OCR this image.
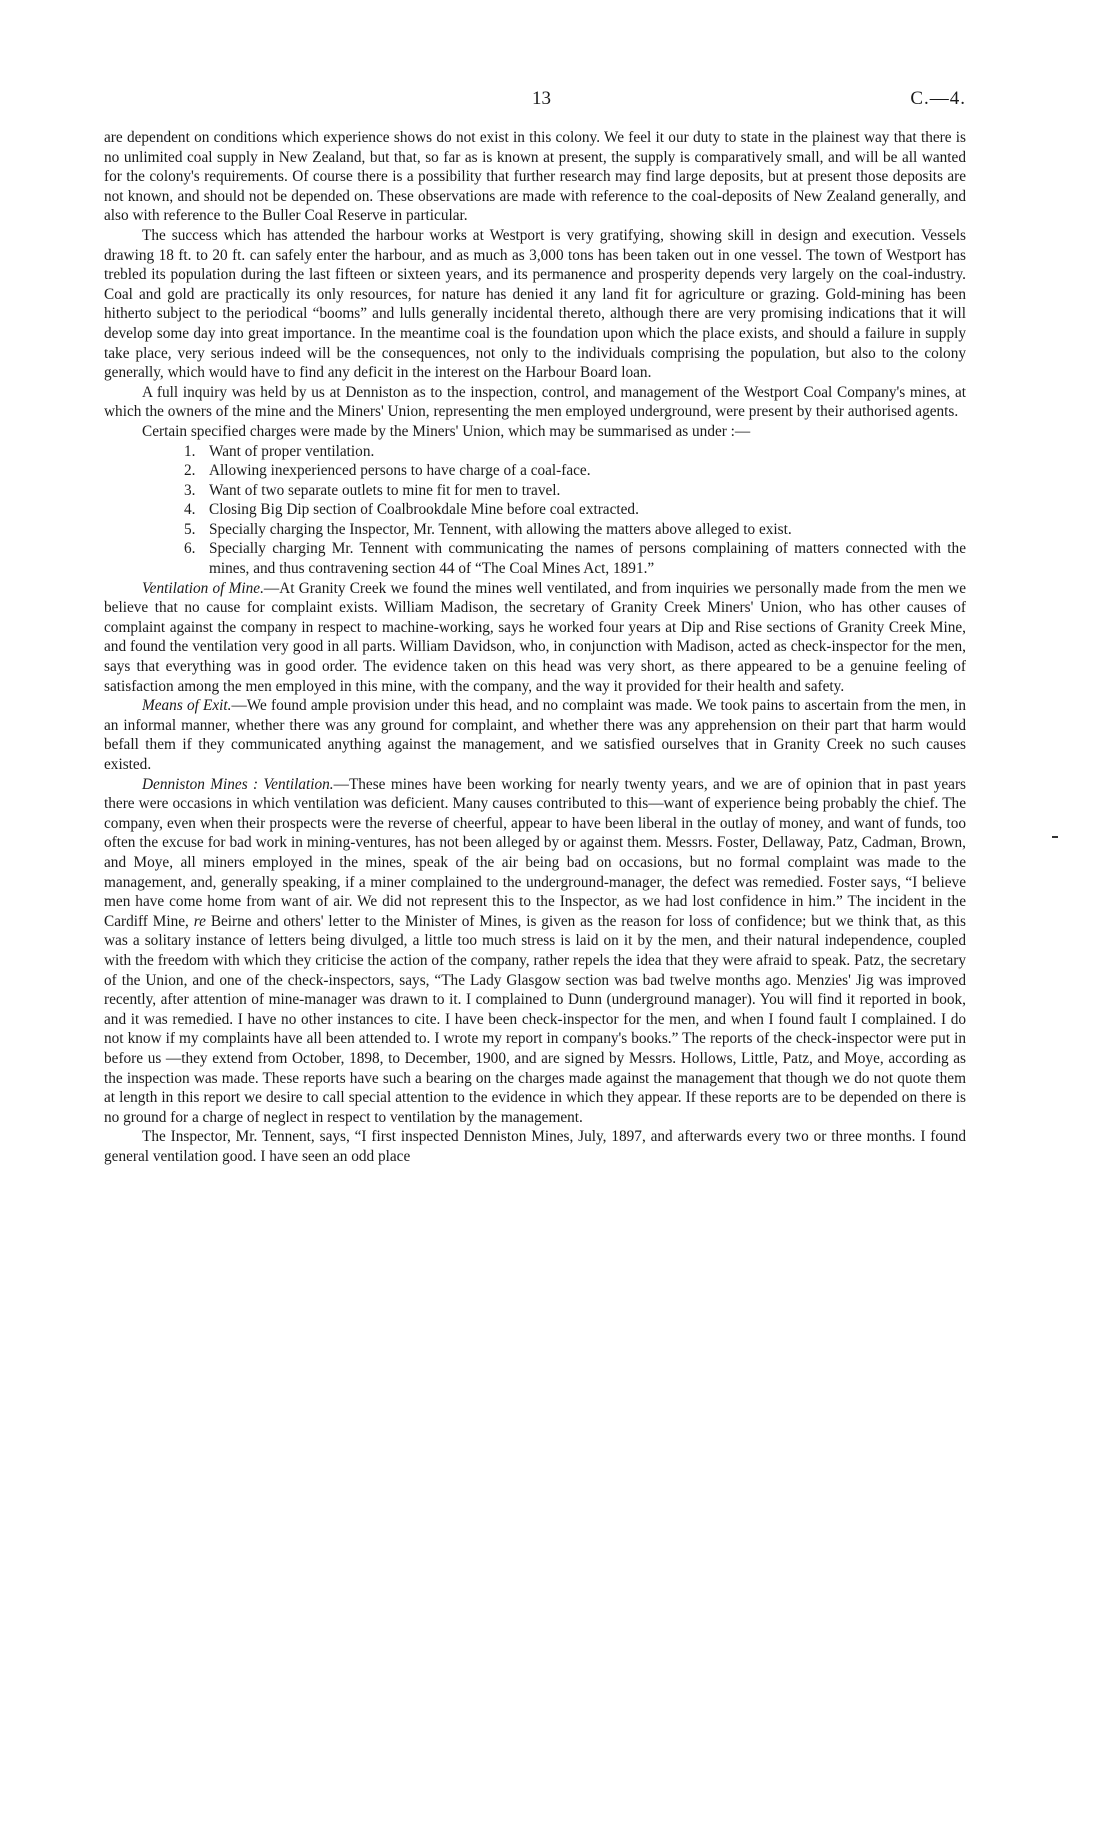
13	C.—4.

are dependent on conditions which experience shows do not exist in this colony. We feel it our duty to state in the plainest way that there is no unlimited coal supply in New Zealand, but that, so far as is known at present, the supply is comparatively small, and will be all wanted for the colony's requirements. Of course there is a possibility that further research may find large deposits, but at present those deposits are not known, and should not be depended on. These observations are made with reference to the coal-deposits of New Zealand generally, and also with reference to the Buller Coal Reserve in particular.

The success which has attended the harbour works at Westport is very gratifying, showing skill in design and execution. Vessels drawing 18 ft. to 20 ft. can safely enter the harbour, and as much as 3,000 tons has been taken out in one vessel. The town of Westport has trebled its population during the last fifteen or sixteen years, and its permanence and prosperity depends very largely on the coal-industry. Coal and gold are practically its only resources, for nature has denied it any land fit for agriculture or grazing. Gold-mining has been hitherto subject to the periodical “booms” and lulls generally incidental thereto, although there are very promising indications that it will develop some day into great importance. In the meantime coal is the foundation upon which the place exists, and should a failure in supply take place, very serious indeed will be the consequences, not only to the individuals comprising the population, but also to the colony generally, which would have to find any deficit in the interest on the Harbour Board loan.

A full inquiry was held by us at Denniston as to the inspection, control, and management of the Westport Coal Company's mines, at which the owners of the mine and the Miners' Union, representing the men employed underground, were present by their authorised agents.

Certain specified charges were made by the Miners' Union, which may be summarised as under :—

1. Want of proper ventilation.
2. Allowing inexperienced persons to have charge of a coal-face.
3. Want of two separate outlets to mine fit for men to travel.
4. Closing Big Dip section of Coalbrookdale Mine before coal extracted.
5. Specially charging the Inspector, Mr. Tennent, with allowing the matters above alleged to exist.
6. Specially charging Mr. Tennent with communicating the names of persons complaining of matters connected with the mines, and thus contravening section 44 of “The Coal Mines Act, 1891.”

Ventilation of Mine.—At Granity Creek we found the mines well ventilated, and from inquiries we personally made from the men we believe that no cause for complaint exists. William Madison, the secretary of Granity Creek Miners' Union, who has other causes of complaint against the company in respect to machine-working, says he worked four years at Dip and Rise sections of Granity Creek Mine, and found the ventilation very good in all parts. William Davidson, who, in conjunction with Madison, acted as check-inspector for the men, says that everything was in good order. The evidence taken on this head was very short, as there appeared to be a genuine feeling of satisfaction among the men employed in this mine, with the company, and the way it provided for their health and safety.

Means of Exit.—We found ample provision under this head, and no complaint was made. We took pains to ascertain from the men, in an informal manner, whether there was any ground for complaint, and whether there was any apprehension on their part that harm would befall them if they communicated anything against the management, and we satisfied ourselves that in Granity Creek no such causes existed.

Denniston Mines : Ventilation.—These mines have been working for nearly twenty years, and we are of opinion that in past years there were occasions in which ventilation was deficient. Many causes contributed to this—want of experience being probably the chief. The company, even when their prospects were the reverse of cheerful, appear to have been liberal in the outlay of money, and want of funds, too often the excuse for bad work in mining-ventures, has not been alleged by or against them. Messrs. Foster, Dellaway, Patz, Cadman, Brown, and Moye, all miners employed in the mines, speak of the air being bad on occasions, but no formal complaint was made to the management, and, generally speaking, if a miner complained to the underground-manager, the defect was remedied. Foster says, “I believe men have come home from want of air. We did not represent this to the Inspector, as we had lost confidence in him.” The incident in the Cardiff Mine, re Beirne and others' letter to the Minister of Mines, is given as the reason for loss of confidence; but we think that, as this was a solitary instance of letters being divulged, a little too much stress is laid on it by the men, and their natural independence, coupled with the freedom with which they criticise the action of the company, rather repels the idea that they were afraid to speak. Patz, the secretary of the Union, and one of the check-inspectors, says, “The Lady Glasgow section was bad twelve months ago. Menzies' Jig was improved recently, after attention of mine-manager was drawn to it. I complained to Dunn (underground manager). You will find it reported in book, and it was remedied. I have no other instances to cite. I have been check-inspector for the men, and when I found fault I complained. I do not know if my complaints have all been attended to. I wrote my report in company's books.” The reports of the check-inspector were put in before us —they extend from October, 1898, to December, 1900, and are signed by Messrs. Hollows, Little, Patz, and Moye, according as the inspection was made. These reports have such a bearing on the charges made against the management that though we do not quote them at length in this report we desire to call special attention to the evidence in which they appear. If these reports are to be depended on there is no ground for a charge of neglect in respect to ventilation by the management.

The Inspector, Mr. Tennent, says, “I first inspected Denniston Mines, July, 1897, and afterwards every two or three months. I found general ventilation good. I have seen an odd place
